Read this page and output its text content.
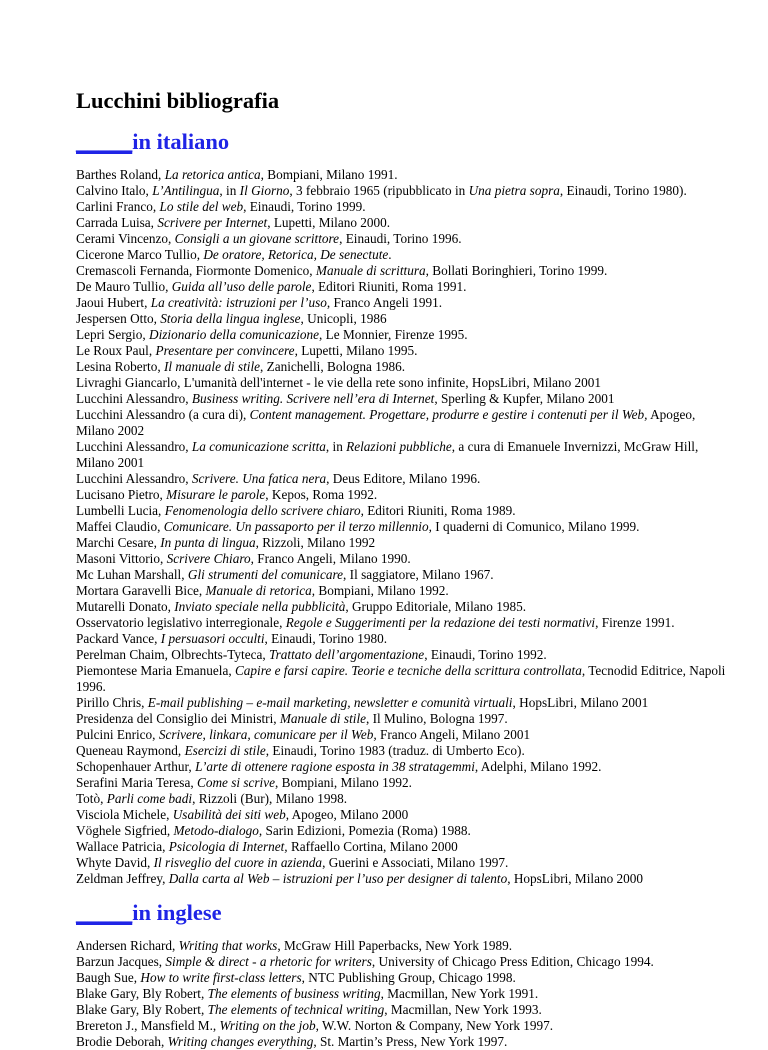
Lucchini bibliografia
_____in italiano
Barthes Roland, La retorica antica, Bompiani, Milano 1991.
Calvino Italo, L’Antilingua, in Il Giorno, 3 febbraio 1965 (ripubblicato in Una pietra sopra, Einaudi, Torino 1980).
Carlini Franco, Lo stile del web, Einaudi, Torino 1999.
Carrada Luisa, Scrivere per Internet, Lupetti, Milano 2000.
Cerami Vincenzo, Consigli a un giovane scrittore, Einaudi, Torino 1996.
Cicerone Marco Tullio, De oratore, Retorica, De senectute.
Cremascoli Fernanda, Fiormonte Domenico, Manuale di scrittura, Bollati Boringhieri, Torino 1999.
De Mauro Tullio, Guida all’uso delle parole, Editori Riuniti, Roma 1991.
Jaoui Hubert, La creatività: istruzioni per l’uso, Franco Angeli 1991.
Jespersen Otto, Storia della lingua inglese, Unicopli, 1986
Lepri Sergio, Dizionario della comunicazione, Le Monnier, Firenze 1995.
Le Roux Paul, Presentare per convincere, Lupetti, Milano 1995.
Lesina Roberto, Il manuale di stile, Zanichelli, Bologna 1986.
Livraghi Giancarlo, L'umanità dell'internet - le vie della rete sono infinite, HopsLibri, Milano 2001
Lucchini Alessandro, Business writing. Scrivere nell’era di Internet, Sperling & Kupfer, Milano 2001
Lucchini Alessandro (a cura di), Content management. Progettare, produrre e gestire i contenuti per il Web, Apogeo, Milano 2002
Lucchini Alessandro, La comunicazione scritta, in Relazioni pubbliche, a cura di Emanuele Invernizzi, McGraw Hill, Milano 2001
Lucchini Alessandro, Scrivere. Una fatica nera, Deus Editore, Milano 1996.
Lucisano Pietro, Misurare le parole, Kepos, Roma 1992.
Lumbelli Lucia, Fenomenologia dello scrivere chiaro, Editori Riuniti, Roma 1989.
Maffei Claudio, Comunicare. Un passaporto per il terzo millennio, I quaderni di Comunico, Milano 1999.
Marchi Cesare, In punta di lingua, Rizzoli, Milano 1992
Masoni Vittorio, Scrivere Chiaro, Franco Angeli, Milano 1990.
Mc Luhan Marshall, Gli strumenti del comunicare, Il saggiatore, Milano 1967.
Mortara Garavelli Bice, Manuale di retorica, Bompiani, Milano 1992.
Mutarelli Donato, Inviato speciale nella pubblicità, Gruppo Editoriale, Milano 1985.
Osservatorio legislativo interregionale, Regole e Suggerimenti per la redazione dei testi normativi, Firenze 1991.
Packard Vance, I persuasori occulti, Einaudi, Torino 1980.
Perelman Chaim, Olbrechts-Tyteca, Trattato dell’argomentazione, Einaudi, Torino 1992.
Piemontese Maria Emanuela, Capire e farsi capire. Teorie e tecniche della scrittura controllata, Tecnodid Editrice, Napoli 1996.
Pirillo Chris, E-mail publishing – e-mail marketing, newsletter e comunità virtuali, HopsLibri, Milano 2001
Presidenza del Consiglio dei Ministri, Manuale di stile, Il Mulino, Bologna 1997.
Pulcini Enrico, Scrivere, linkara, comunicare per il Web, Franco Angeli, Milano 2001
Queneau Raymond, Esercizi di stile, Einaudi, Torino 1983 (traduz. di Umberto Eco).
Schopenhauer Arthur, L’arte di ottenere ragione esposta in 38 stratagemmi, Adelphi, Milano 1992.
Serafini Maria Teresa, Come si scrive, Bompiani, Milano 1992.
Totò, Parli come badi, Rizzoli (Bur), Milano 1998.
Visciola Michele, Usabilità dei siti web, Apogeo, Milano 2000
Vöghele Sigfried, Metodo-dialogo, Sarin Edizioni, Pomezia (Roma) 1988.
Wallace Patricia, Psicologia di Internet, Raffaello Cortina, Milano 2000
Whyte David, Il risveglio del cuore in azienda, Guerini e Associati, Milano 1997.
Zeldman Jeffrey, Dalla carta al Web – istruzioni per l’uso per designer di talento, HopsLibri, Milano 2000
_____in inglese
Andersen Richard, Writing that works, McGraw Hill Paperbacks, New York 1989.
Barzun Jacques, Simple & direct - a rhetoric for writers, University of Chicago Press Edition, Chicago 1994.
Baugh Sue, How to write first-class letters, NTC Publishing Group, Chicago 1998.
Blake Gary, Bly Robert, The elements of business writing, Macmillan, New York 1991.
Blake Gary, Bly Robert, The elements of technical writing, Macmillan, New York 1993.
Brereton J., Mansfield M., Writing on the job, W.W. Norton & Company, New York 1997.
Brodie Deborah, Writing changes everything, St. Martin’s Press, New York 1997.
